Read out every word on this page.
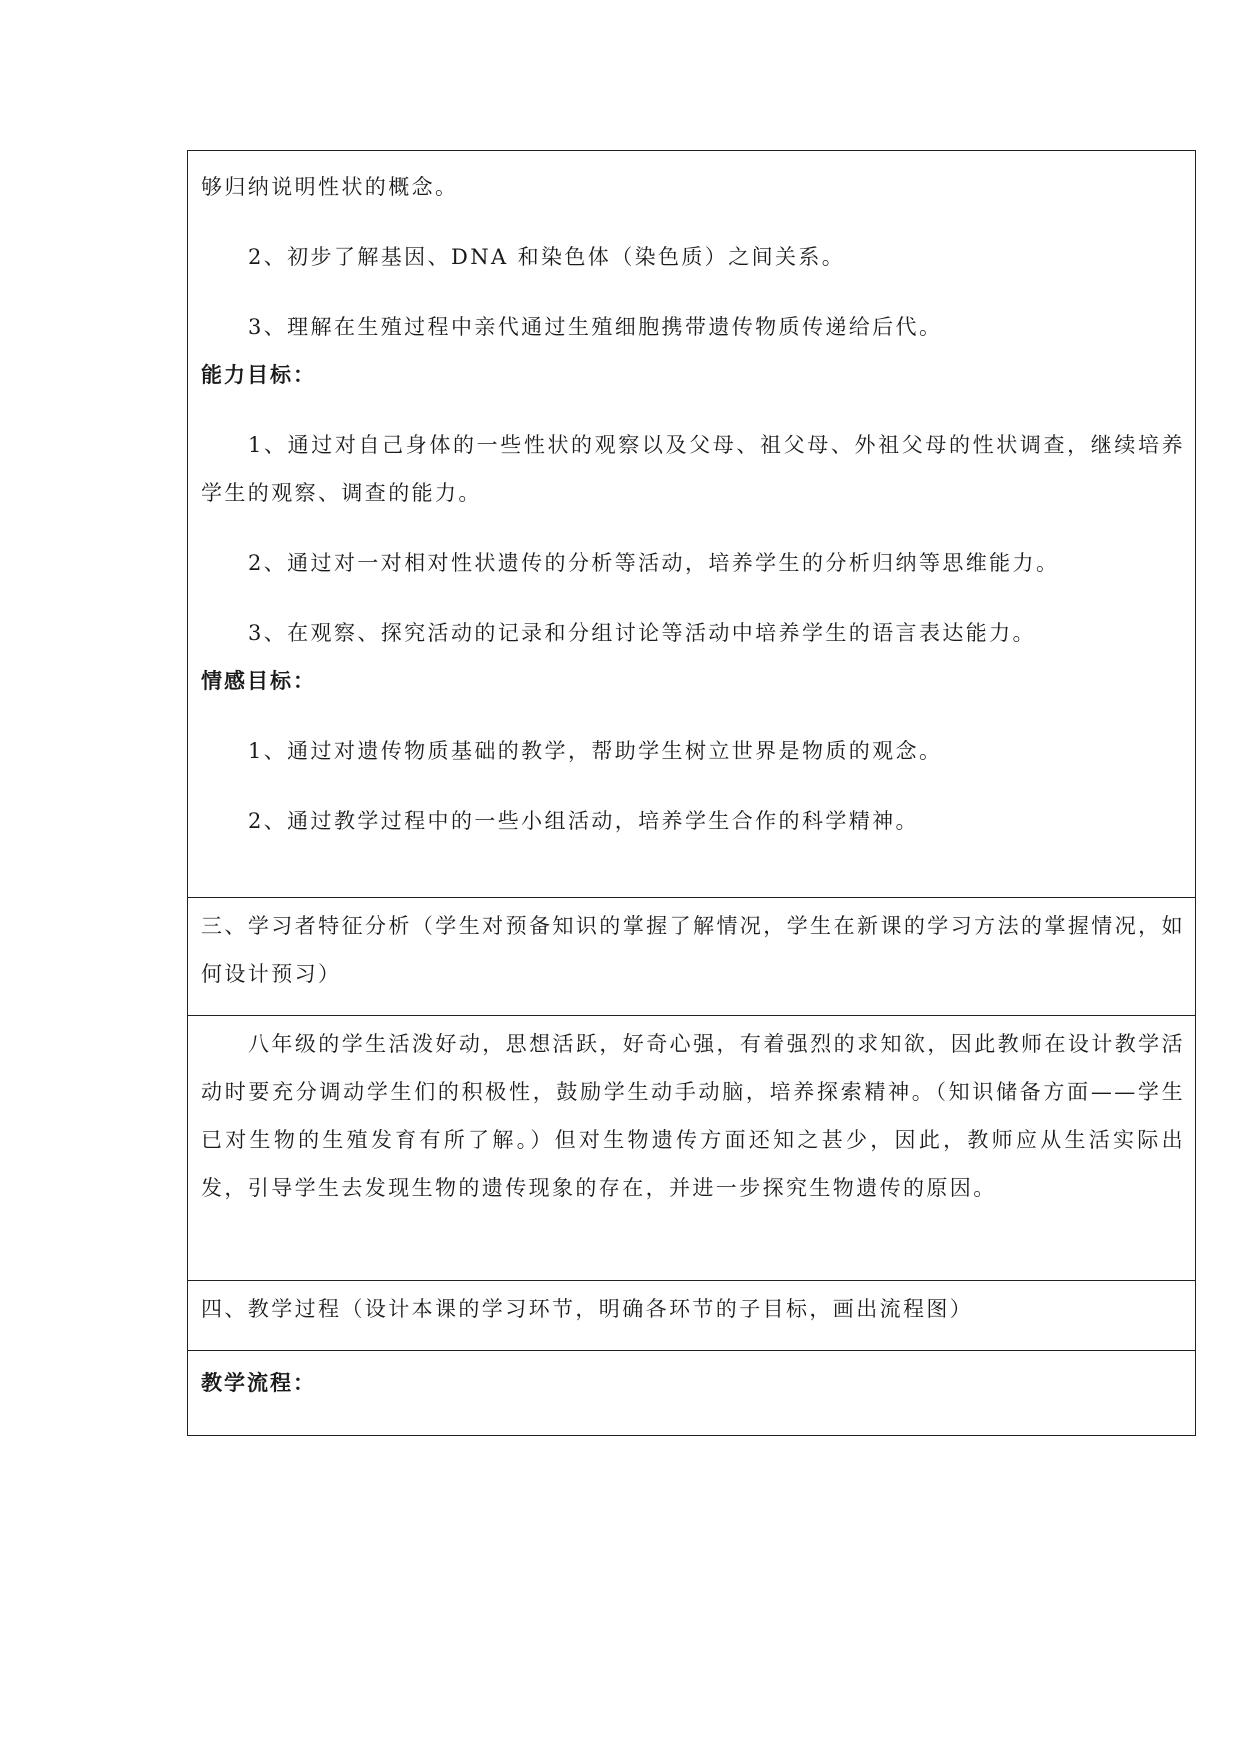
够归纳说明性状的概念。

2、初步了解基因、DNA 和染色体（染色质）之间关系。

3、理解在生殖过程中亲代通过生殖细胞携带遗传物质传递给后代。

能力目标：

1、通过对自己身体的一些性状的观察以及父母、祖父母、外祖父母的性状调查，继续培养学生的观察、调查的能力。

2、通过对一对相对性状遗传的分析等活动，培养学生的分析归纳等思维能力。

3、在观察、探究活动的记录和分组讨论等活动中培养学生的语言表达能力。

情感目标：

1、通过对遗传物质基础的教学，帮助学生树立世界是物质的观念。

2、通过教学过程中的一些小组活动，培养学生合作的科学精神。

三、学习者特征分析（学生对预备知识的掌握了解情况，学生在新课的学习方法的掌握情况，如何设计预习）

八年级的学生活泼好动，思想活跃，好奇心强，有着强烈的求知欲，因此教师在设计教学活动时要充分调动学生们的积极性，鼓励学生动手动脑，培养探索精神。（知识储备方面——学生已对生物的生殖发育有所了解。）但对生物遗传方面还知之甚少，因此，教师应从生活实际出发，引导学生去发现生物的遗传现象的存在，并进一步探究生物遗传的原因。

四、教学过程（设计本课的学习环节，明确各环节的子目标，画出流程图）

教学流程：
